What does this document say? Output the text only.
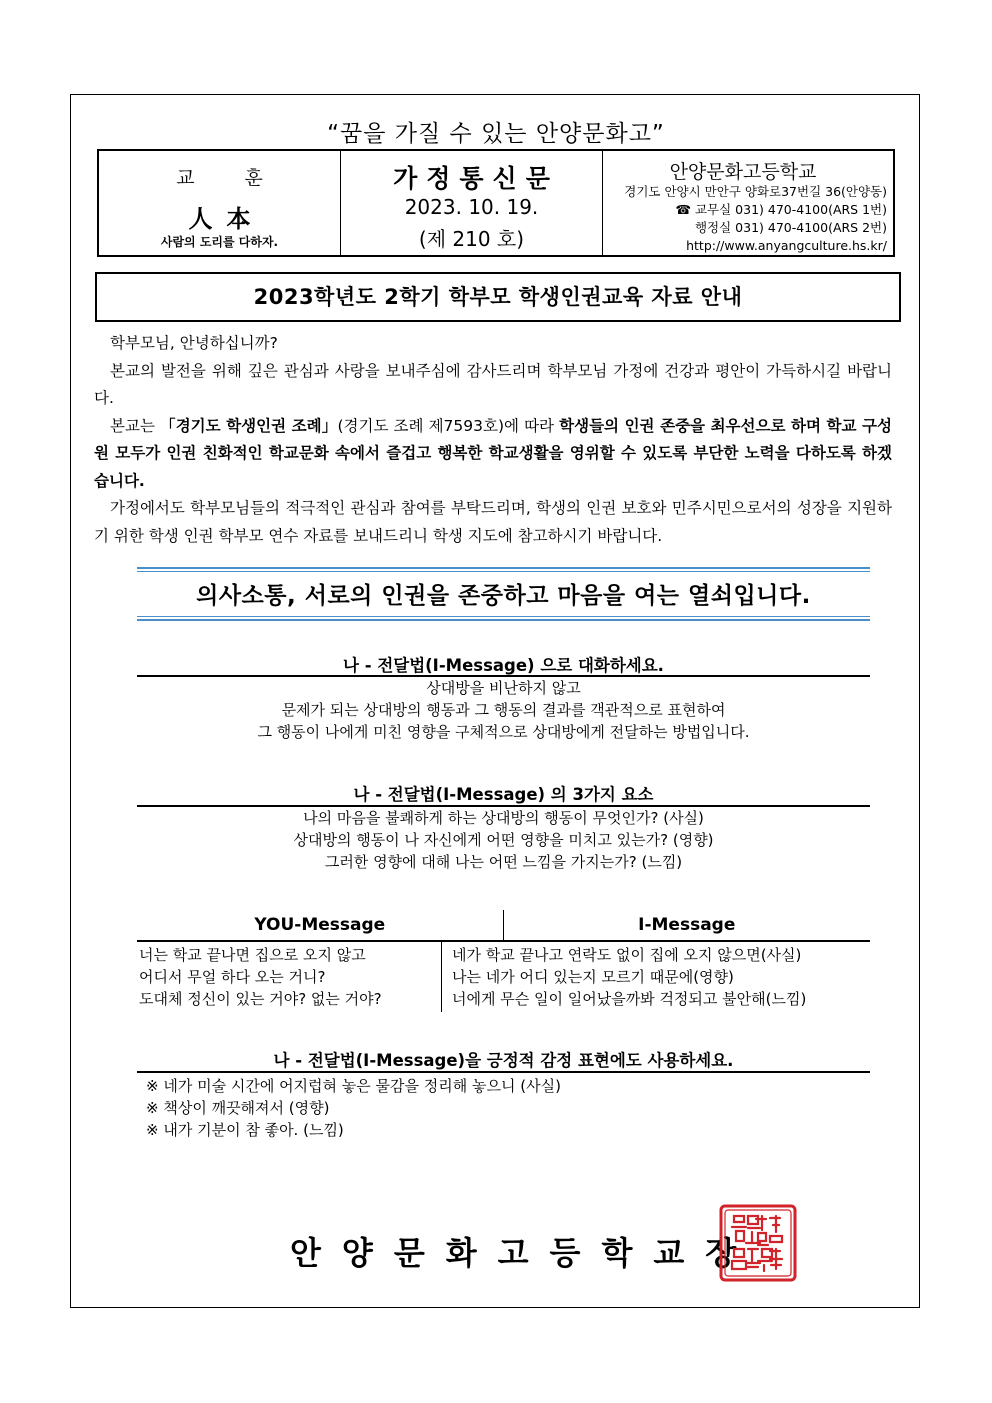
“꿈을 가질 수 있는 안양문화고”
교 훈
人本
사람의 도리를 다하자.
가정통신문
2023. 10. 19.
(제 210 호)
안양문화고등학교
경기도 안양시 만안구 양화로37번길 36(안양동)
☎ 교무실 031) 470-4100(ARS 1번)
행정실 031) 470-4100(ARS 2번)
http://www.anyangculture.hs.kr/
2023학년도 2학기 학부모 학생인권교육 자료 안내

학부모님, 안녕하십니까?

본교의 발전을 위해 깊은 관심과 사랑을 보내주심에 감사드리며 학부모님 가정에 건강과 평안이 가득하시길 바랍니다.

본교는 「경기도 학생인권 조례」(경기도 조례 제7593호)에 따라 학생들의 인권 존중을 최우선으로 하며 학교 구성원 모두가 인권 친화적인 학교문화 속에서 즐겁고 행복한 학교생활을 영위할 수 있도록 부단한 노력을 다하도록 하겠습니다.

가정에서도 학부모님들의 적극적인 관심과 참여를 부탁드리며, 학생의 인권 보호와 민주시민으로서의 성장을 지원하기 위한 학생 인권 학부모 연수 자료를 보내드리니 학생 지도에 참고하시기 바랍니다.

의사소통, 서로의 인권을 존중하고 마음을 여는 열쇠입니다.
나 - 전달법(I-Message) 으로 대화하세요.
상대방을 비난하지 않고
문제가 되는 상대방의 행동과 그 행동의 결과를 객관적으로 표현하여
그 행동이 나에게 미친 영향을 구체적으로 상대방에게 전달하는 방법입니다.
나 - 전달법(I-Message) 의 3가지 요소
나의 마음을 불쾌하게 하는 상대방의 행동이 무엇인가? (사실)
상대방의 행동이 나 자신에게 어떤 영향을 미치고 있는가? (영향)
그러한 영향에 대해 나는 어떤 느낌을 가지는가? (느낌)
YOU-Message	I-Message
너는 학교 끝나면 집으로 오지 않고
어디서 무얼 하다 오는 거니?
도대체 정신이 있는 거야? 없는 거야?
네가 학교 끝나고 연락도 없이 집에 오지 않으면(사실)
나는 네가 어디 있는지 모르기 때문에(영향)
너에게 무슨 일이 일어났을까봐 걱정되고 불안해(느낌)
나 - 전달법(I-Message)을 긍정적 감정 표현에도 사용하세요.
※ 네가 미술 시간에 어지럽혀 놓은 물감을 정리해 놓으니 (사실)
※ 책상이 깨끗해져서 (영향)
※ 내가 기분이 참 좋아. (느낌)
안양문화고등학교장
